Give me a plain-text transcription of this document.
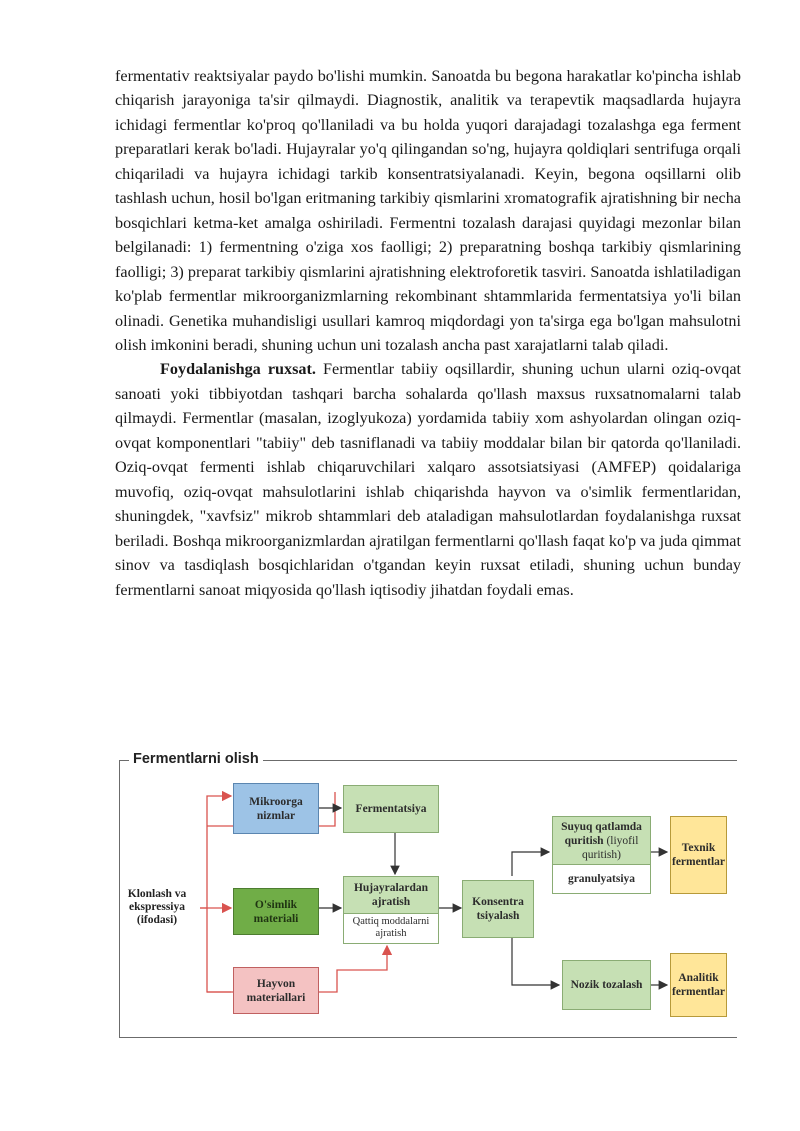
fermentativ reaktsiyalar paydo bo'lishi mumkin. Sanoatda bu begona harakatlar ko'pincha ishlab chiqarish jarayoniga ta'sir qilmaydi. Diagnostik, analitik va terapevtik maqsadlarda hujayra ichidagi fermentlar ko'proq qo'llaniladi va bu holda yuqori darajadagi tozalashga ega ferment preparatlari kerak bo'ladi. Hujayralar yo'q qilingandan so'ng, hujayra qoldiqlari sentrifuga orqali chiqariladi va hujayra ichidagi tarkib konsentratsiyalanadi. Keyin, begona oqsillarni olib tashlash uchun, hosil bo'lgan eritmaning tarkibiy qismlarini xromatografik ajratishning bir necha bosqichlari ketma-ket amalga oshiriladi. Fermentni tozalash darajasi quyidagi mezonlar bilan belgilanadi: 1) fermentning o'ziga xos faolligi; 2) preparatning boshqa tarkibiy qismlarining faolligi; 3) preparat tarkibiy qismlarini ajratishning elektroforetik tasviri. Sanoatda ishlatiladigan ko'plab fermentlar mikroorganizmlarning rekombinant shtammlarida fermentatsiya yo'li bilan olinadi. Genetika muhandisligi usullari kamroq miqdordagi yon ta'sirga ega bo'lgan mahsulotni olish imkonini beradi, shuning uchun uni tozalash ancha past xarajatlarni talab qiladi.

Foydalanishga ruxsat. Fermentlar tabiiy oqsillardir, shuning uchun ularni oziq-ovqat sanoati yoki tibbiyotdan tashqari barcha sohalarda qo'llash maxsus ruxsatnomalarni talab qilmaydi. Fermentlar (masalan, izoglyukoza) yordamida tabiiy xom ashyolardan olingan oziq-ovqat komponentlari "tabiiy" deb tasniflanadi va tabiiy moddalar bilan bir qatorda qo'llaniladi. Oziq-ovqat fermenti ishlab chiqaruvchilari xalqaro assotsiatsiyasi (AMFEP) qoidalariga muvofiq, oziq-ovqat mahsulotlarini ishlab chiqarishda hayvon va o'simlik fermentlaridan, shuningdek, "xavfsiz" mikrob shtammlari deb ataladigan mahsulotlardan foydalanishga ruxsat beriladi. Boshqa mikroorganizmlardan ajratilgan fermentlarni qo'llash faqat ko'p va juda qimmat sinov va tasdiqlash bosqichlaridan o'tgandan keyin ruxsat etiladi, shuning uchun bunday fermentlarni sanoat miqyosida qo'llash iqtisodiy jihatdan foydali emas.

Fermentlarni olish
Klonlash va ekspressiya (ifodasi)
Mikroorga nizmlar
O'simlik materiali
Hayvon materiallari
Fermentatsiya
Hujayralardan ajratish
Qattiq moddalarni ajratish
Konsentra tsiyalash
Suyuq qatlamda quritish (liyofil quritish)
granulyatsiya
Nozik tozalash
Texnik fermentlar
Analitik fermentlar
